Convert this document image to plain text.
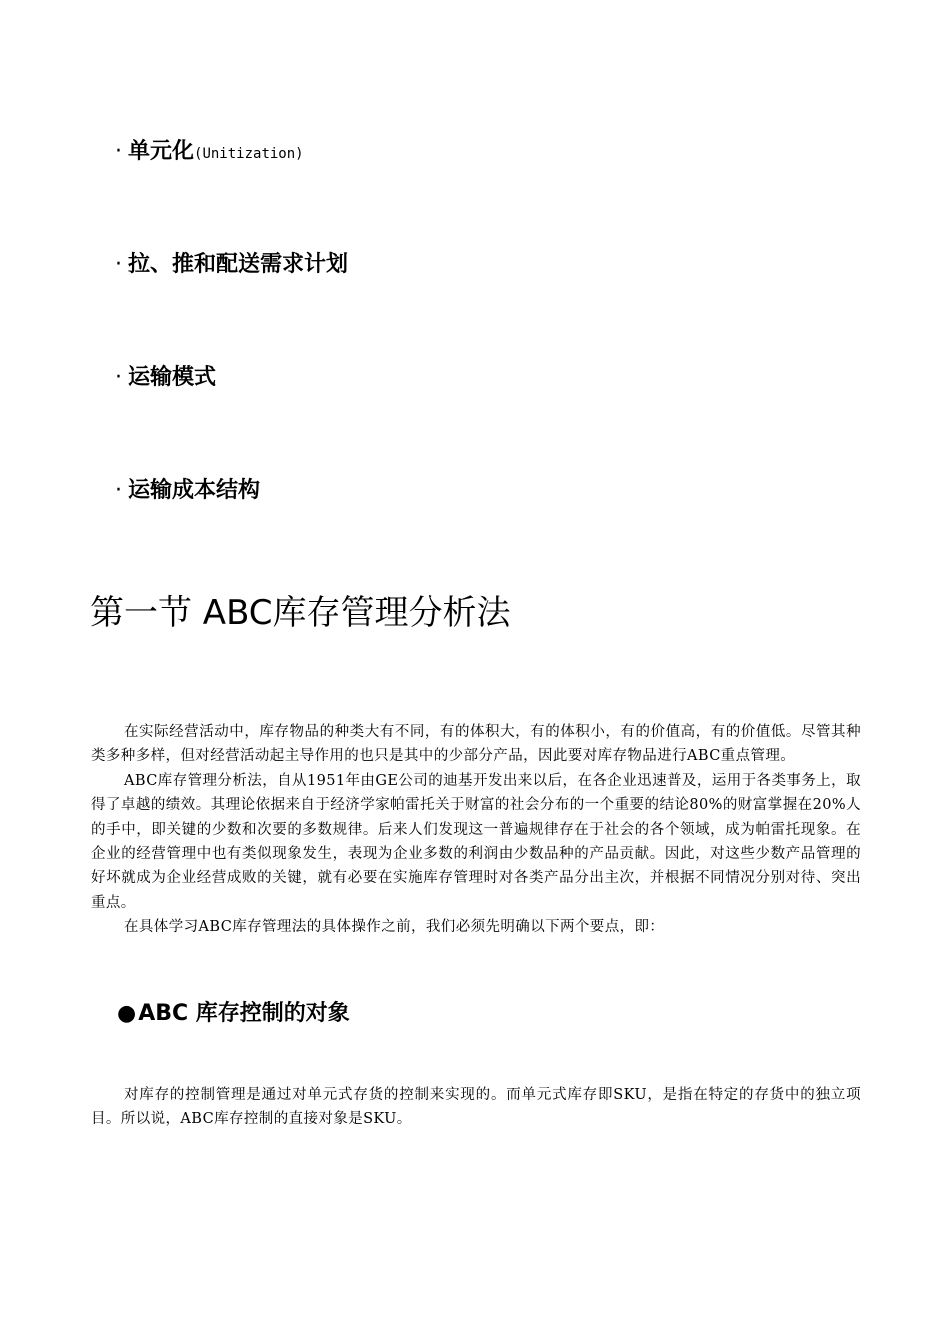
· 单元化(Unitization)
· 拉、推和配送需求计划
· 运输模式
· 运输成本结构
第一节 ABC库存管理分析法

在实际经营活动中，库存物品的种类大有不同，有的体积大，有的体积小，有的价值高，有的价值低。尽管其种类多种多样，但对经营活动起主导作用的也只是其中的少部分产品，因此要对库存物品进行ABC重点管理。

ABC库存管理分析法，自从1951年由GE公司的迪基开发出来以后，在各企业迅速普及，运用于各类事务上，取得了卓越的绩效。其理论依据来自于经济学家帕雷托关于财富的社会分布的一个重要的结论80%的财富掌握在20%人的手中，即关键的少数和次要的多数规律。后来人们发现这一普遍规律存在于社会的各个领域，成为帕雷托现象。在企业的经营管理中也有类似现象发生，表现为企业多数的利润由少数品种的产品贡献。因此，对这些少数产品管理的好坏就成为企业经营成败的关键，就有必要在实施库存管理时对各类产品分出主次，并根据不同情况分别对待、突出重点。

在具体学习ABC库存管理法的具体操作之前，我们必须先明确以下两个要点，即：

●ABC 库存控制的对象

对库存的控制管理是通过对单元式存货的控制来实现的。而单元式库存即SKU，是指在特定的存货中的独立项目。所以说，ABC库存控制的直接对象是SKU。
